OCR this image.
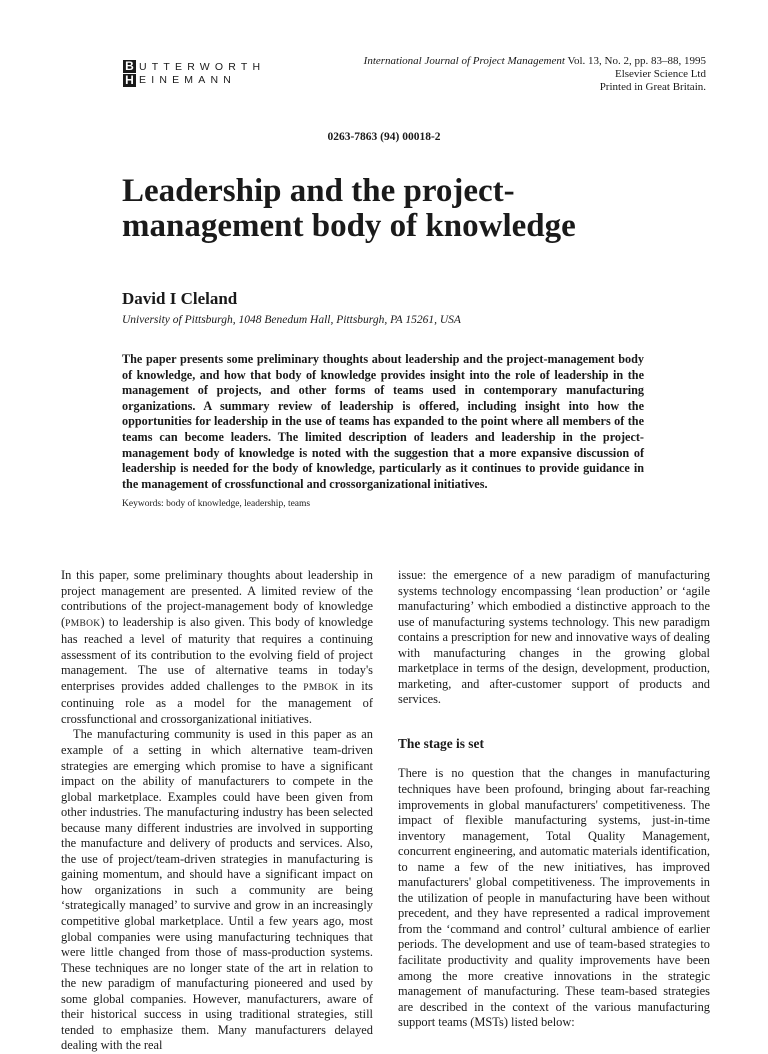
B
H
UTTERWORTH
EINEMANN
International Journal of Project Management Vol. 13, No. 2, pp. 83–88, 1995
Elsevier Science Ltd
Printed in Great Britain.
0263-7863 (94) 00018-2
Leadership and the project-management body of knowledge
David I Cleland
University of Pittsburgh, 1048 Benedum Hall, Pittsburgh, PA 15261, USA
The paper presents some preliminary thoughts about leadership and the project-management body of knowledge, and how that body of knowledge provides insight into the role of leadership in the management of projects, and other forms of teams used in contemporary manufacturing organizations. A summary review of leadership is offered, including insight into how the opportunities for leadership in the use of teams has expanded to the point where all members of the teams can become leaders. The limited description of leaders and leadership in the project-management body of knowledge is noted with the suggestion that a more expansive discussion of leadership is needed for the body of knowledge, particularly as it continues to provide guidance in the management of crossfunctional and crossorganizational initiatives.
Keywords: body of knowledge, leadership, teams

In this paper, some preliminary thoughts about leadership in project management are presented. A limited review of the contributions of the project-management body of knowledge (PMBOK) to leadership is also given. This body of knowledge has reached a level of maturity that requires a continuing assessment of its contribution to the evolving field of project management. The use of alternative teams in today's enterprises provides added challenges to the PMBOK in its continuing role as a model for the management of crossfunctional and crossorganizational initiatives.

The manufacturing community is used in this paper as an example of a setting in which alternative team-driven strategies are emerging which promise to have a significant impact on the ability of manufacturers to compete in the global marketplace. Examples could have been given from other industries. The manufacturing industry has been selected because many different industries are involved in supporting the manufacture and delivery of products and services. Also, the use of project/team-driven strategies in manufacturing is gaining momentum, and should have a significant impact on how organizations in such a community are being ‘strategically managed’ to survive and grow in an increasingly competitive global marketplace. Until a few years ago, most global companies were using manufacturing techniques that were little changed from those of mass-production systems. These techniques are no longer state of the art in relation to the new paradigm of manufacturing pioneered and used by some global companies. However, manufacturers, aware of their historical success in using traditional strategies, still tended to emphasize them. Many manufacturers delayed dealing with the real

issue: the emergence of a new paradigm of manufacturing systems technology encompassing ‘lean production’ or ‘agile manufacturing’ which embodied a distinctive approach to the use of manufacturing systems technology. This new paradigm contains a prescription for new and innovative ways of dealing with manufacturing changes in the growing global marketplace in terms of the design, development, production, marketing, and after-customer support of products and services.

The stage is set

There is no question that the changes in manufacturing techniques have been profound, bringing about far-reaching improvements in global manufacturers' competitiveness. The impact of flexible manufacturing systems, just-in-time inventory management, Total Quality Management, concurrent engineering, and automatic materials identification, to name a few of the new initiatives, has improved manufacturers' global competitiveness. The improvements in the utilization of people in manufacturing have been without precedent, and they have represented a radical improvement from the ‘command and control’ cultural ambience of earlier periods. The development and use of team-based strategies to facilitate productivity and quality improvements have been among the more creative innovations in the strategic management of manufacturing. These team-based strategies are described in the context of the various manufacturing support teams (MSTs) listed below:
